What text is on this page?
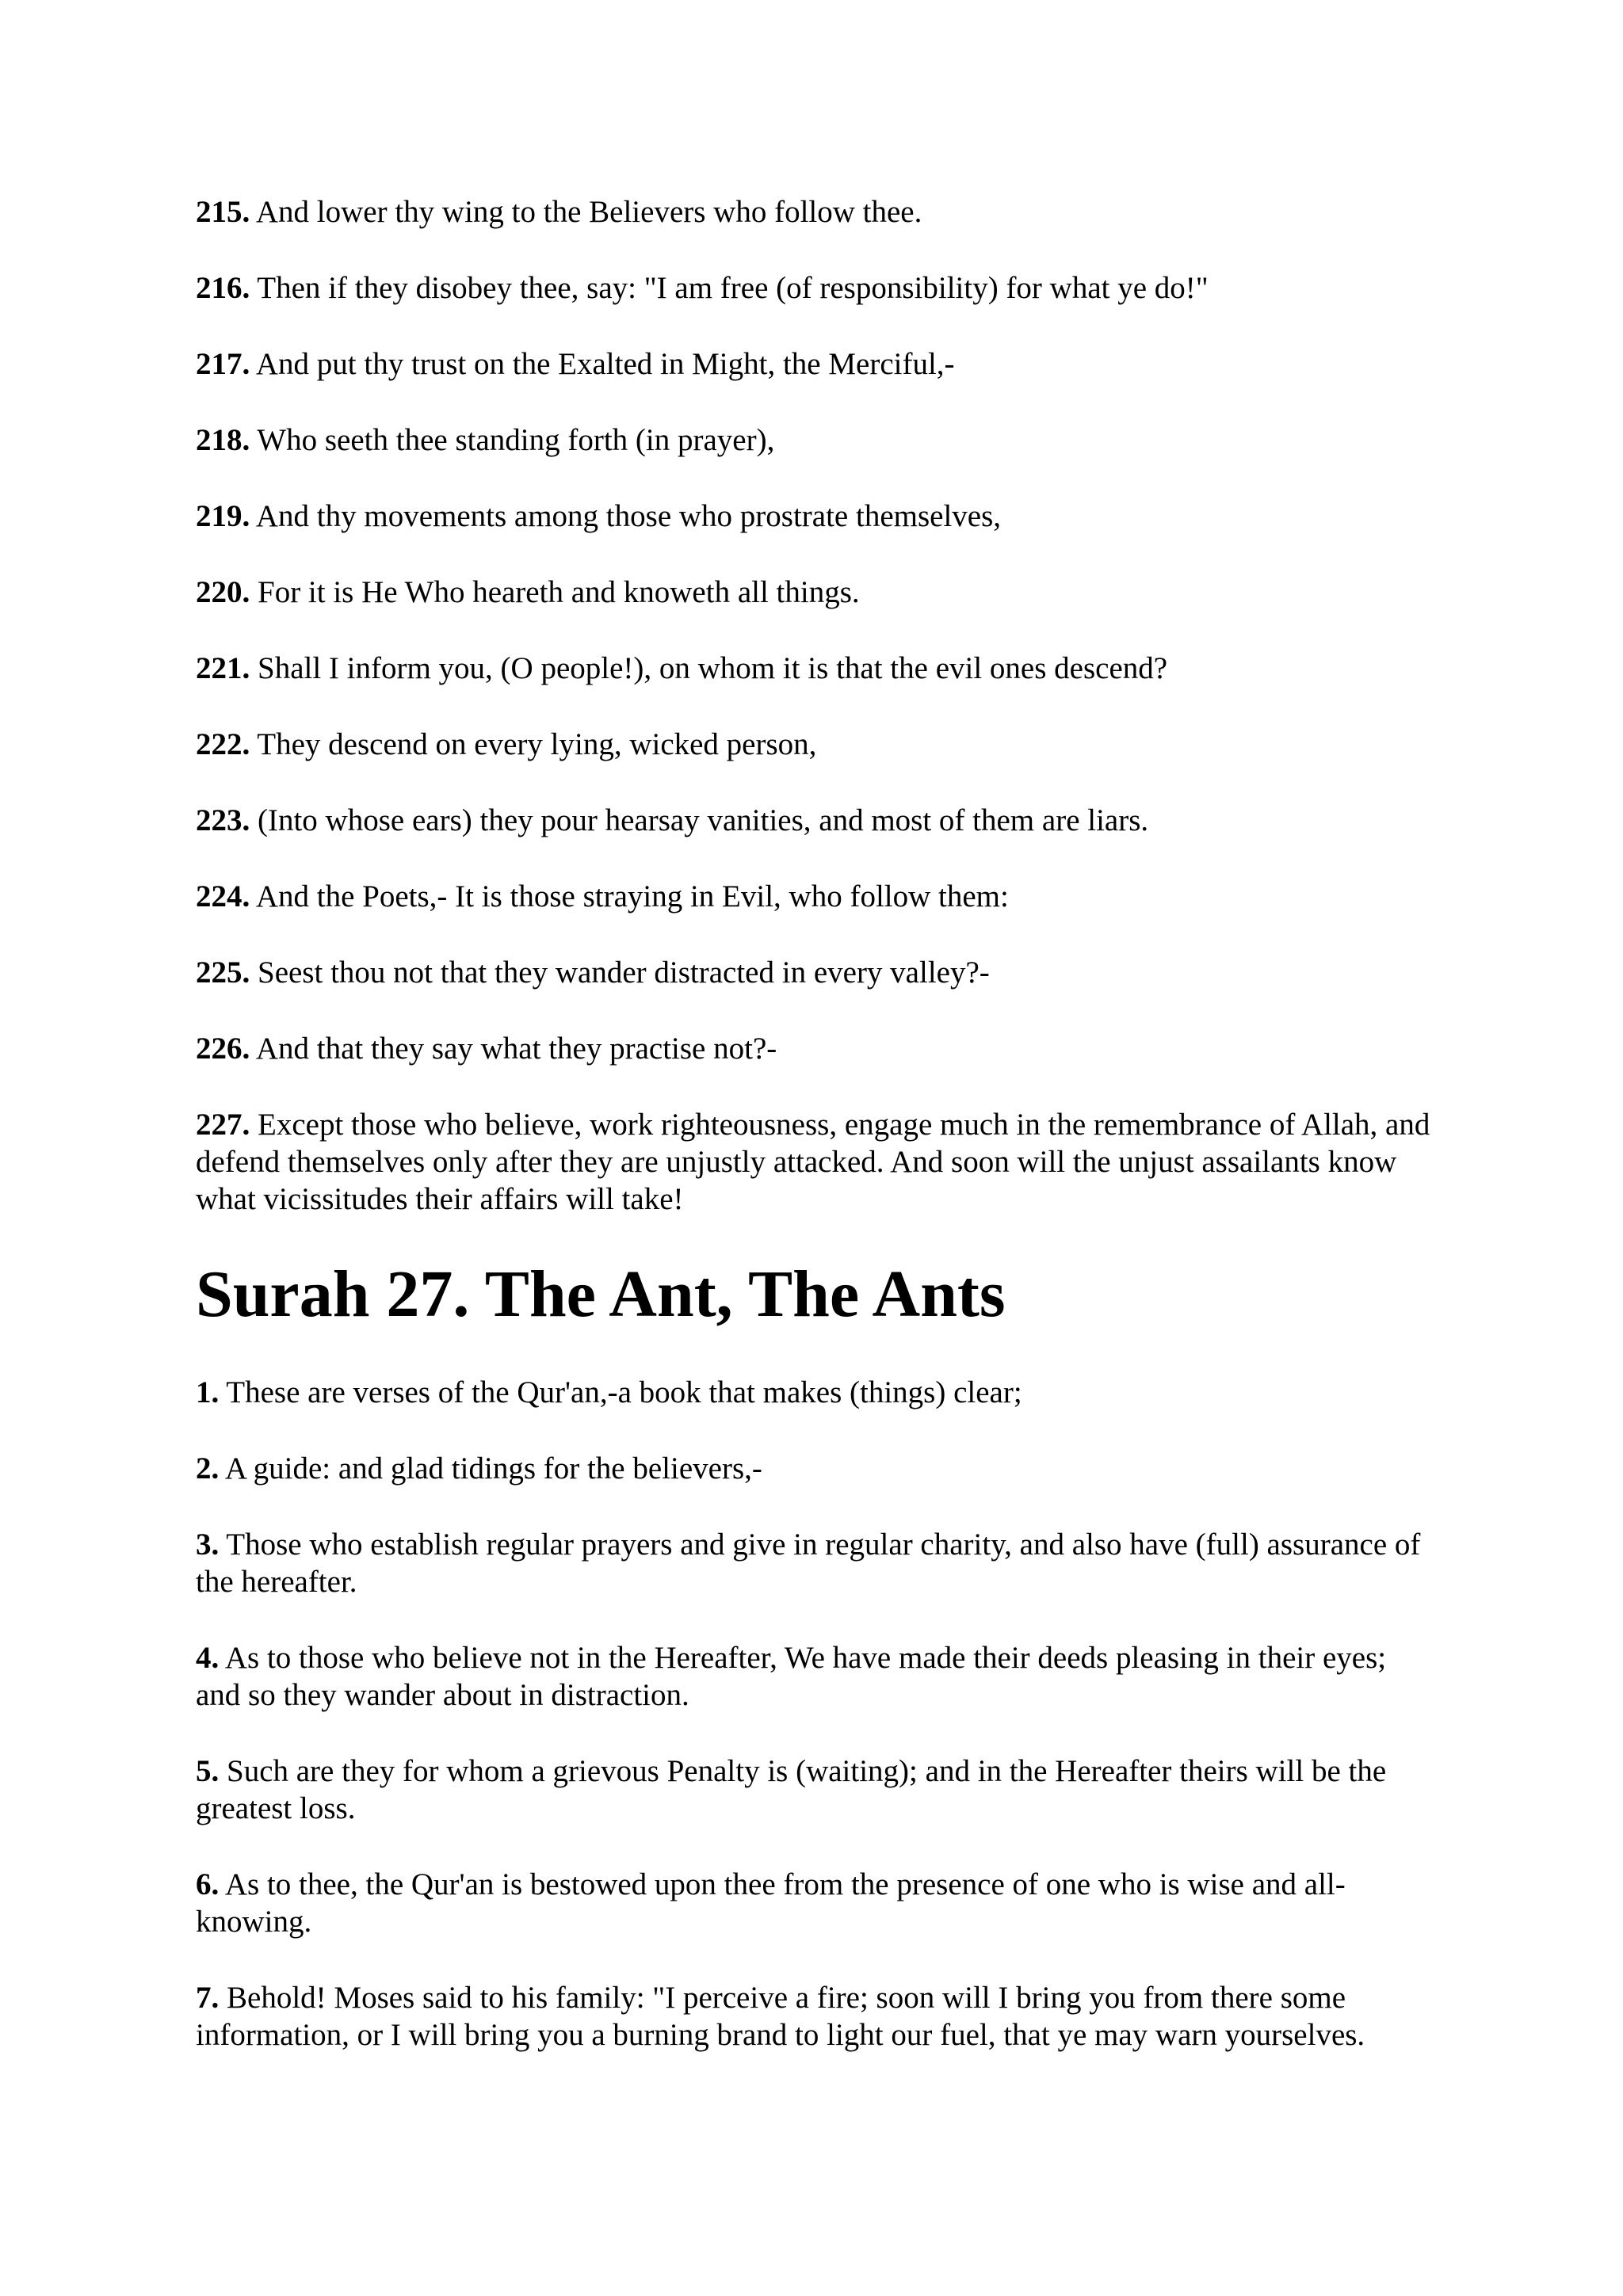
215. And lower thy wing to the Believers who follow thee.

216. Then if they disobey thee, say: "I am free (of responsibility) for what ye do!"

217. And put thy trust on the Exalted in Might, the Merciful,-

218. Who seeth thee standing forth (in prayer),

219. And thy movements among those who prostrate themselves,

220. For it is He Who heareth and knoweth all things.

221. Shall I inform you, (O people!), on whom it is that the evil ones descend?

222. They descend on every lying, wicked person,

223. (Into whose ears) they pour hearsay vanities, and most of them are liars.

224. And the Poets,- It is those straying in Evil, who follow them:

225. Seest thou not that they wander distracted in every valley?-

226. And that they say what they practise not?-

227. Except those who believe, work righteousness, engage much in the remembrance of Allah, and defend themselves only after they are unjustly attacked. And soon will the unjust assailants know what vicissitudes their affairs will take!

Surah 27. The Ant, The Ants

1. These are verses of the Qur'an,-a book that makes (things) clear;

2. A guide: and glad tidings for the believers,-

3. Those who establish regular prayers and give in regular charity, and also have (full) assurance of the hereafter.

4. As to those who believe not in the Hereafter, We have made their deeds pleasing in their eyes; and so they wander about in distraction.

5. Such are they for whom a grievous Penalty is (waiting); and in the Hereafter theirs will be the greatest loss.

6. As to thee, the Qur'an is bestowed upon thee from the presence of one who is wise and all-knowing.

7. Behold! Moses said to his family: "I perceive a fire; soon will I bring you from there some information, or I will bring you a burning brand to light our fuel, that ye may warn yourselves.
